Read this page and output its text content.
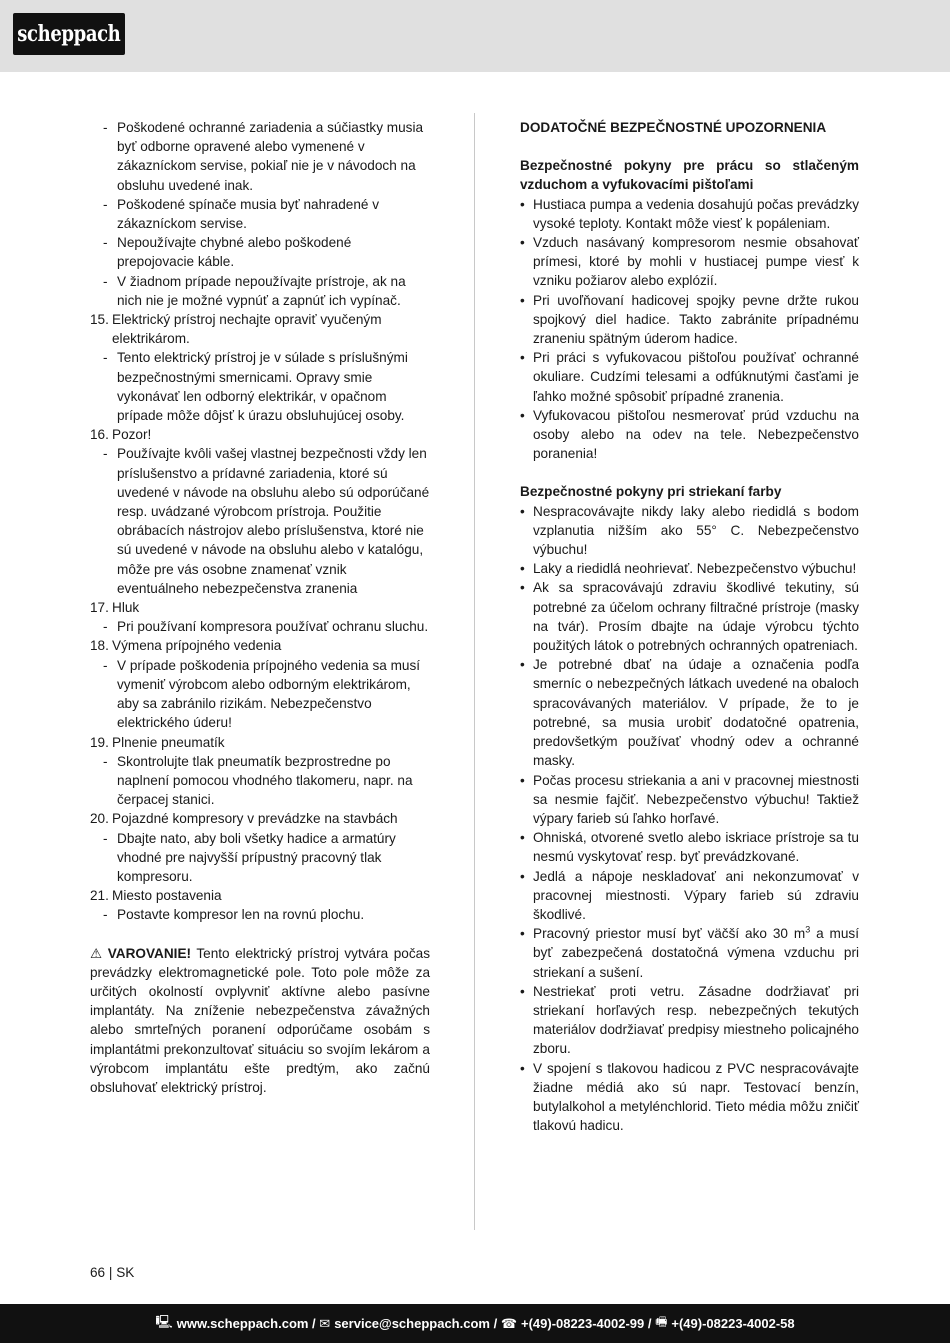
scheppach
- Poškodené ochranné zariadenia a súčiastky musia byť odborne opravené alebo vymenené v zákazníckom servise, pokiaľ nie je v návodoch na obsluhu uvedené inak.
- Poškodené spínače musia byť nahradené v zákazníckom servise.
- Nepoužívajte chybné alebo poškodené prepojovacie káble.
- V žiadnom prípade nepoužívajte prístroje, ak na nich nie je možné vypnúť a zapnúť ich vypínač.
15. Elektrický prístroj nechajte opraviť vyučeným elektrikárom.
- Tento elektrický prístroj je v súlade s príslušnými bezpečnostnými smernicami. Opravy smie vykonávať len odborný elektrikár, v opačnom prípade môže dôjsť k úrazu obsluhujúcej osoby.
16. Pozor!
- Používajte kvôli vašej vlastnej bezpečnosti vždy len príslušenstvo a prídavné zariadenia, ktoré sú uvedené v návode na obsluhu alebo sú odporúčané resp. uvádzané výrobcom prístroja. Použitie obrábacích nástrojov alebo príslušenstva, ktoré nie sú uvedené v návode na obsluhu alebo v katalógu, môže pre vás osobne znamenať vznik eventuálneho nebezpečenstva zranenia
17. Hluk
- Pri používaní kompresora používať ochranu sluchu.
18. Výmena prípojného vedenia
- V prípade poškodenia prípojného vedenia sa musí vymeniť výrobcom alebo odborným elektrikárom, aby sa zabránilo rizikám. Nebezpečenstvo elektrického úderu!
19. Plnenie pneumatík
- Skontrolujte tlak pneumatík bezprostredne po naplnení pomocou vhodného tlakomeru, napr. na čerpacej stanici.
20. Pojazdné kompresory v prevádzke na stavbách
- Dbajte nato, aby boli všetky hadice a armatúry vhodné pre najvyšší prípustný pracovný tlak kompresoru.
21. Miesto postavenia
- Postavte kompresor len na rovnú plochu.
⚠ VAROVANIE! Tento elektrický prístroj vytvára počas prevádzky elektromagnetické pole. Toto pole môže za určitých okolností ovplyvniť aktívne alebo pasívne implantáty. Na zníženie nebezpečenstva závažných alebo smrteľných poranení odporúčame osobám s implantátmi prekonzultovať situáciu so svojím lekárom a výrobcom implantátu ešte predtým, ako začnú obsluhovať elektrický prístroj.
DODATOČNÉ BEZPEČNOSTNÉ UPOZORNENIA
Bezpečnostné pokyny pre prácu so stlačeným vzduchom a vyfukovacími pištoľami
• Hustiaca pumpa a vedenia dosahujú počas prevádzky vysoké teploty. Kontakt môže viesť k popáleniam.
• Vzduch nasávaný kompresorom nesmie obsahovať prímesi, ktoré by mohli v hustiacej pumpe viesť k vzniku požiarov alebo explózií.
• Pri uvoľňovaní hadicovej spojky pevne držte rukou spojkový diel hadice. Takto zabránite prípadnému zraneniu spätným úderom hadice.
• Pri práci s vyfukovacou pištoľou používať ochranné okuliare. Cudzími telesami a odfúknutými časťami je ľahko možné spôsobiť prípadné zranenia.
• Vyfukovacou pištoľou nesmerovať prúd vzduchu na osoby alebo na odev na tele. Nebezpečenstvo poranenia!
Bezpečnostné pokyny pri striekaní farby
• Nespracovávajte nikdy laky alebo riedidlá s bodom vzplanutia nižším ako 55° C. Nebezpečenstvo výbuchu!
• Laky a riedidlá neohrievať. Nebezpečenstvo výbuchu!
• Ak sa spracovávajú zdraviu škodlivé tekutiny, sú potrebné za účelom ochrany filtračné prístroje (masky na tvár). Prosím dbajte na údaje výrobcu týchto použitých látok o potrebných ochranných opatreniach.
• Je potrebné dbať na údaje a označenia podľa smerníc o nebezpečných látkach uvedené na obaloch spracovávaných materiálov. V prípade, že to je potrebné, sa musia urobiť dodatočné opatrenia, predovšetkým používať vhodný odev a ochranné masky.
• Počas procesu striekania a ani v pracovnej miestnosti sa nesmie fajčiť. Nebezpečenstvo výbuchu! Taktiež výpary farieb sú ľahko horľavé.
• Ohniská, otvorené svetlo alebo iskriace prístroje sa tu nesmú vyskytovať resp. byť prevádzkované.
• Jedlá a nápoje neskladovať ani nekonzumovať v pracovnej miestnosti. Výpary farieb sú zdraviu škodlivé.
• Pracovný priestor musí byť väčší ako 30 $m^3$ a musí byť zabezpečená dostatočná výmena vzduchu pri striekaní a sušení.
• Nestriekať proti vetru. Zásadne dodržiavať pri striekaní horľavých resp. nebezpečných tekutých materiálov dodržiavať predpisy miestneho policajného zboru.
• V spojení s tlakovou hadicou z PVC nespracovávajte žiadne médiá ako sú napr. Testovací benzín, butylalkohol a metylénchlorid. Tieto média môžu zničiť tlakovú hadicu.
66 | SK
🖳 www.scheppach.com /
✉ service@scheppach.com /
☎ +(49)-08223-4002-99 /
🖷 +(49)-08223-4002-58
